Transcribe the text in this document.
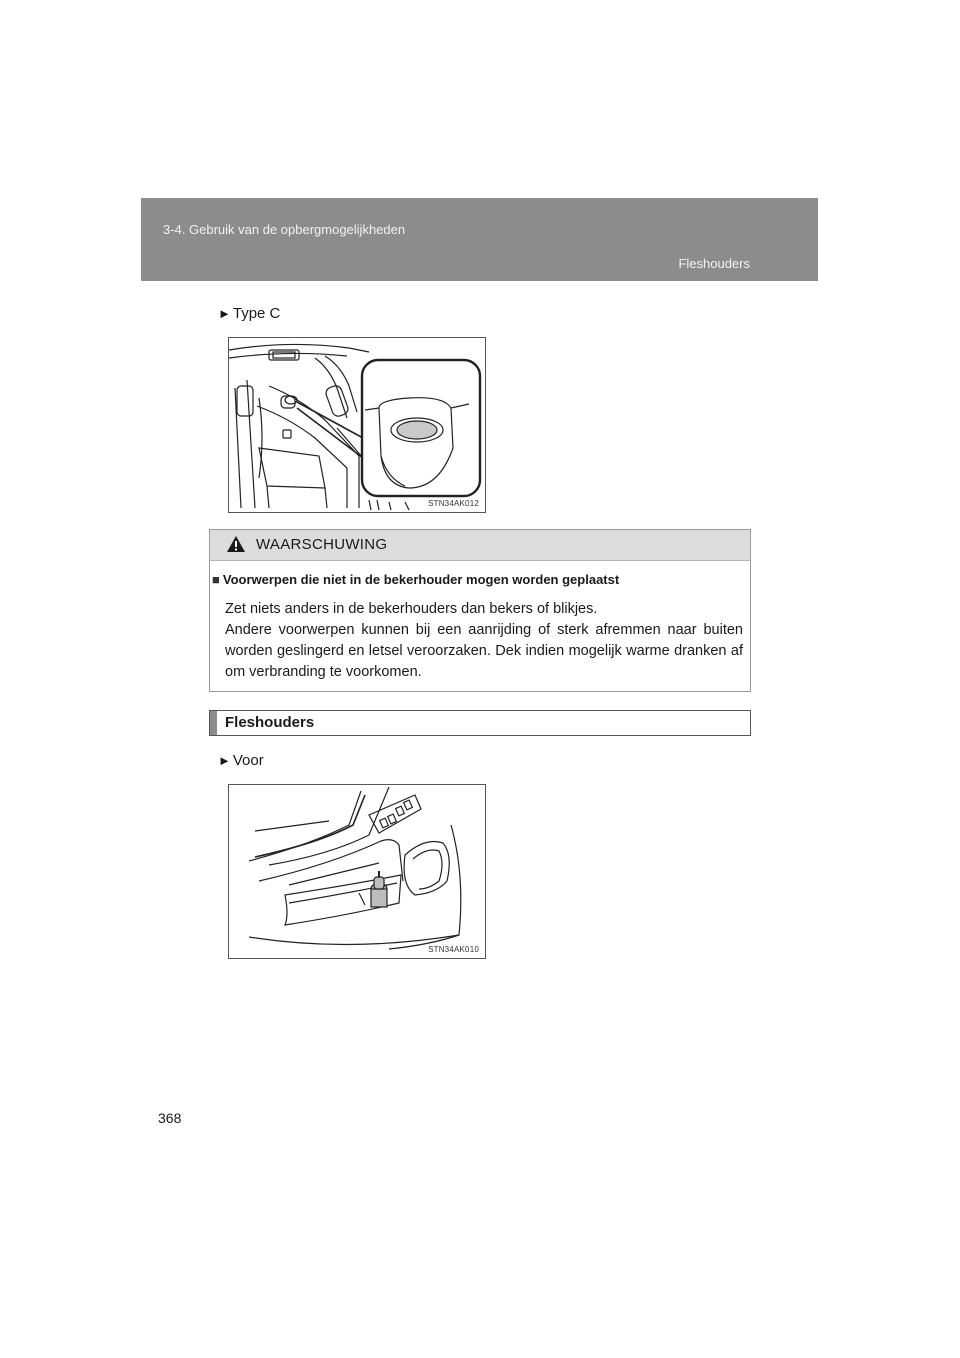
3-4. Gebruik van de opbergmogelijkheden
Fleshouders
► Type C
STN34AK012
WAARSCHUWING
■ Voorwerpen die niet in de bekerhouder mogen worden geplaatst

Zet niets anders in de bekerhouders dan bekers of blikjes.

Andere voorwerpen kunnen bij een aanrijding of sterk afremmen naar buiten worden geslingerd en letsel veroorzaken. Dek indien mogelijk warme dranken af om verbranding te voorkomen.

Fleshouders
► Voor
STN34AK010
368
